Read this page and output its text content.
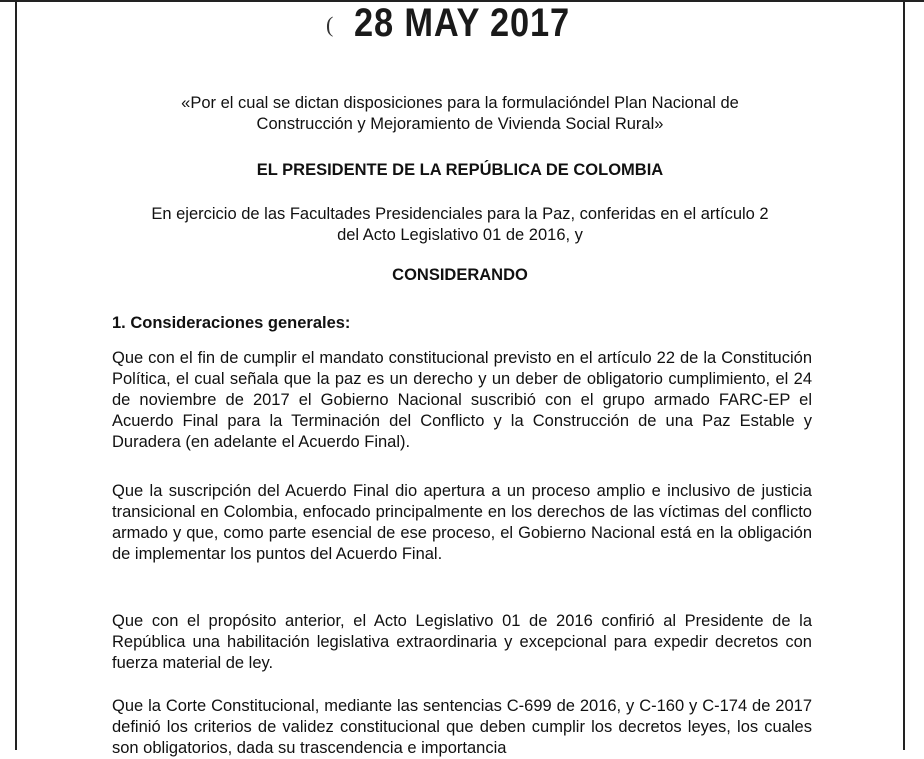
( 28 MAY 2017
«Por el cual se dictan disposiciones para la formulacióndel Plan Nacional de
Construcción y Mejoramiento de Vivienda Social Rural»
EL PRESIDENTE DE LA REPÚBLICA DE COLOMBIA
En ejercicio de las Facultades Presidenciales para la Paz, conferidas en el artículo 2
del Acto Legislativo 01 de 2016, y
CONSIDERANDO
1. Consideraciones generales:

Que con el fin de cumplir el mandato constitucional previsto en el artículo 22 de la Constitución Política, el cual señala que la paz es un derecho y un deber de obligatorio cumplimiento, el 24 de noviembre de 2017 el Gobierno Nacional suscribió con el grupo armado FARC-EP el Acuerdo Final para la Terminación del Conflicto y la Construcción de una Paz Estable y Duradera (en adelante el Acuerdo Final).

Que la suscripción del Acuerdo Final dio apertura a un proceso amplio e inclusivo de justicia transicional en Colombia, enfocado principalmente en los derechos de las víctimas del conflicto armado y que, como parte esencial de ese proceso, el Gobierno Nacional está en la obligación de implementar los puntos del Acuerdo Final.

Que con el propósito anterior, el Acto Legislativo 01 de 2016 confirió al Presidente de la República una habilitación legislativa extraordinaria y excepcional para expedir decretos con fuerza material de ley.

Que la Corte Constitucional, mediante las sentencias C-699 de 2016, y C-160 y C-174 de 2017 definió los criterios de validez constitucional que deben cumplir los decretos leyes, los cuales son obligatorios, dada su trascendencia e importancia
